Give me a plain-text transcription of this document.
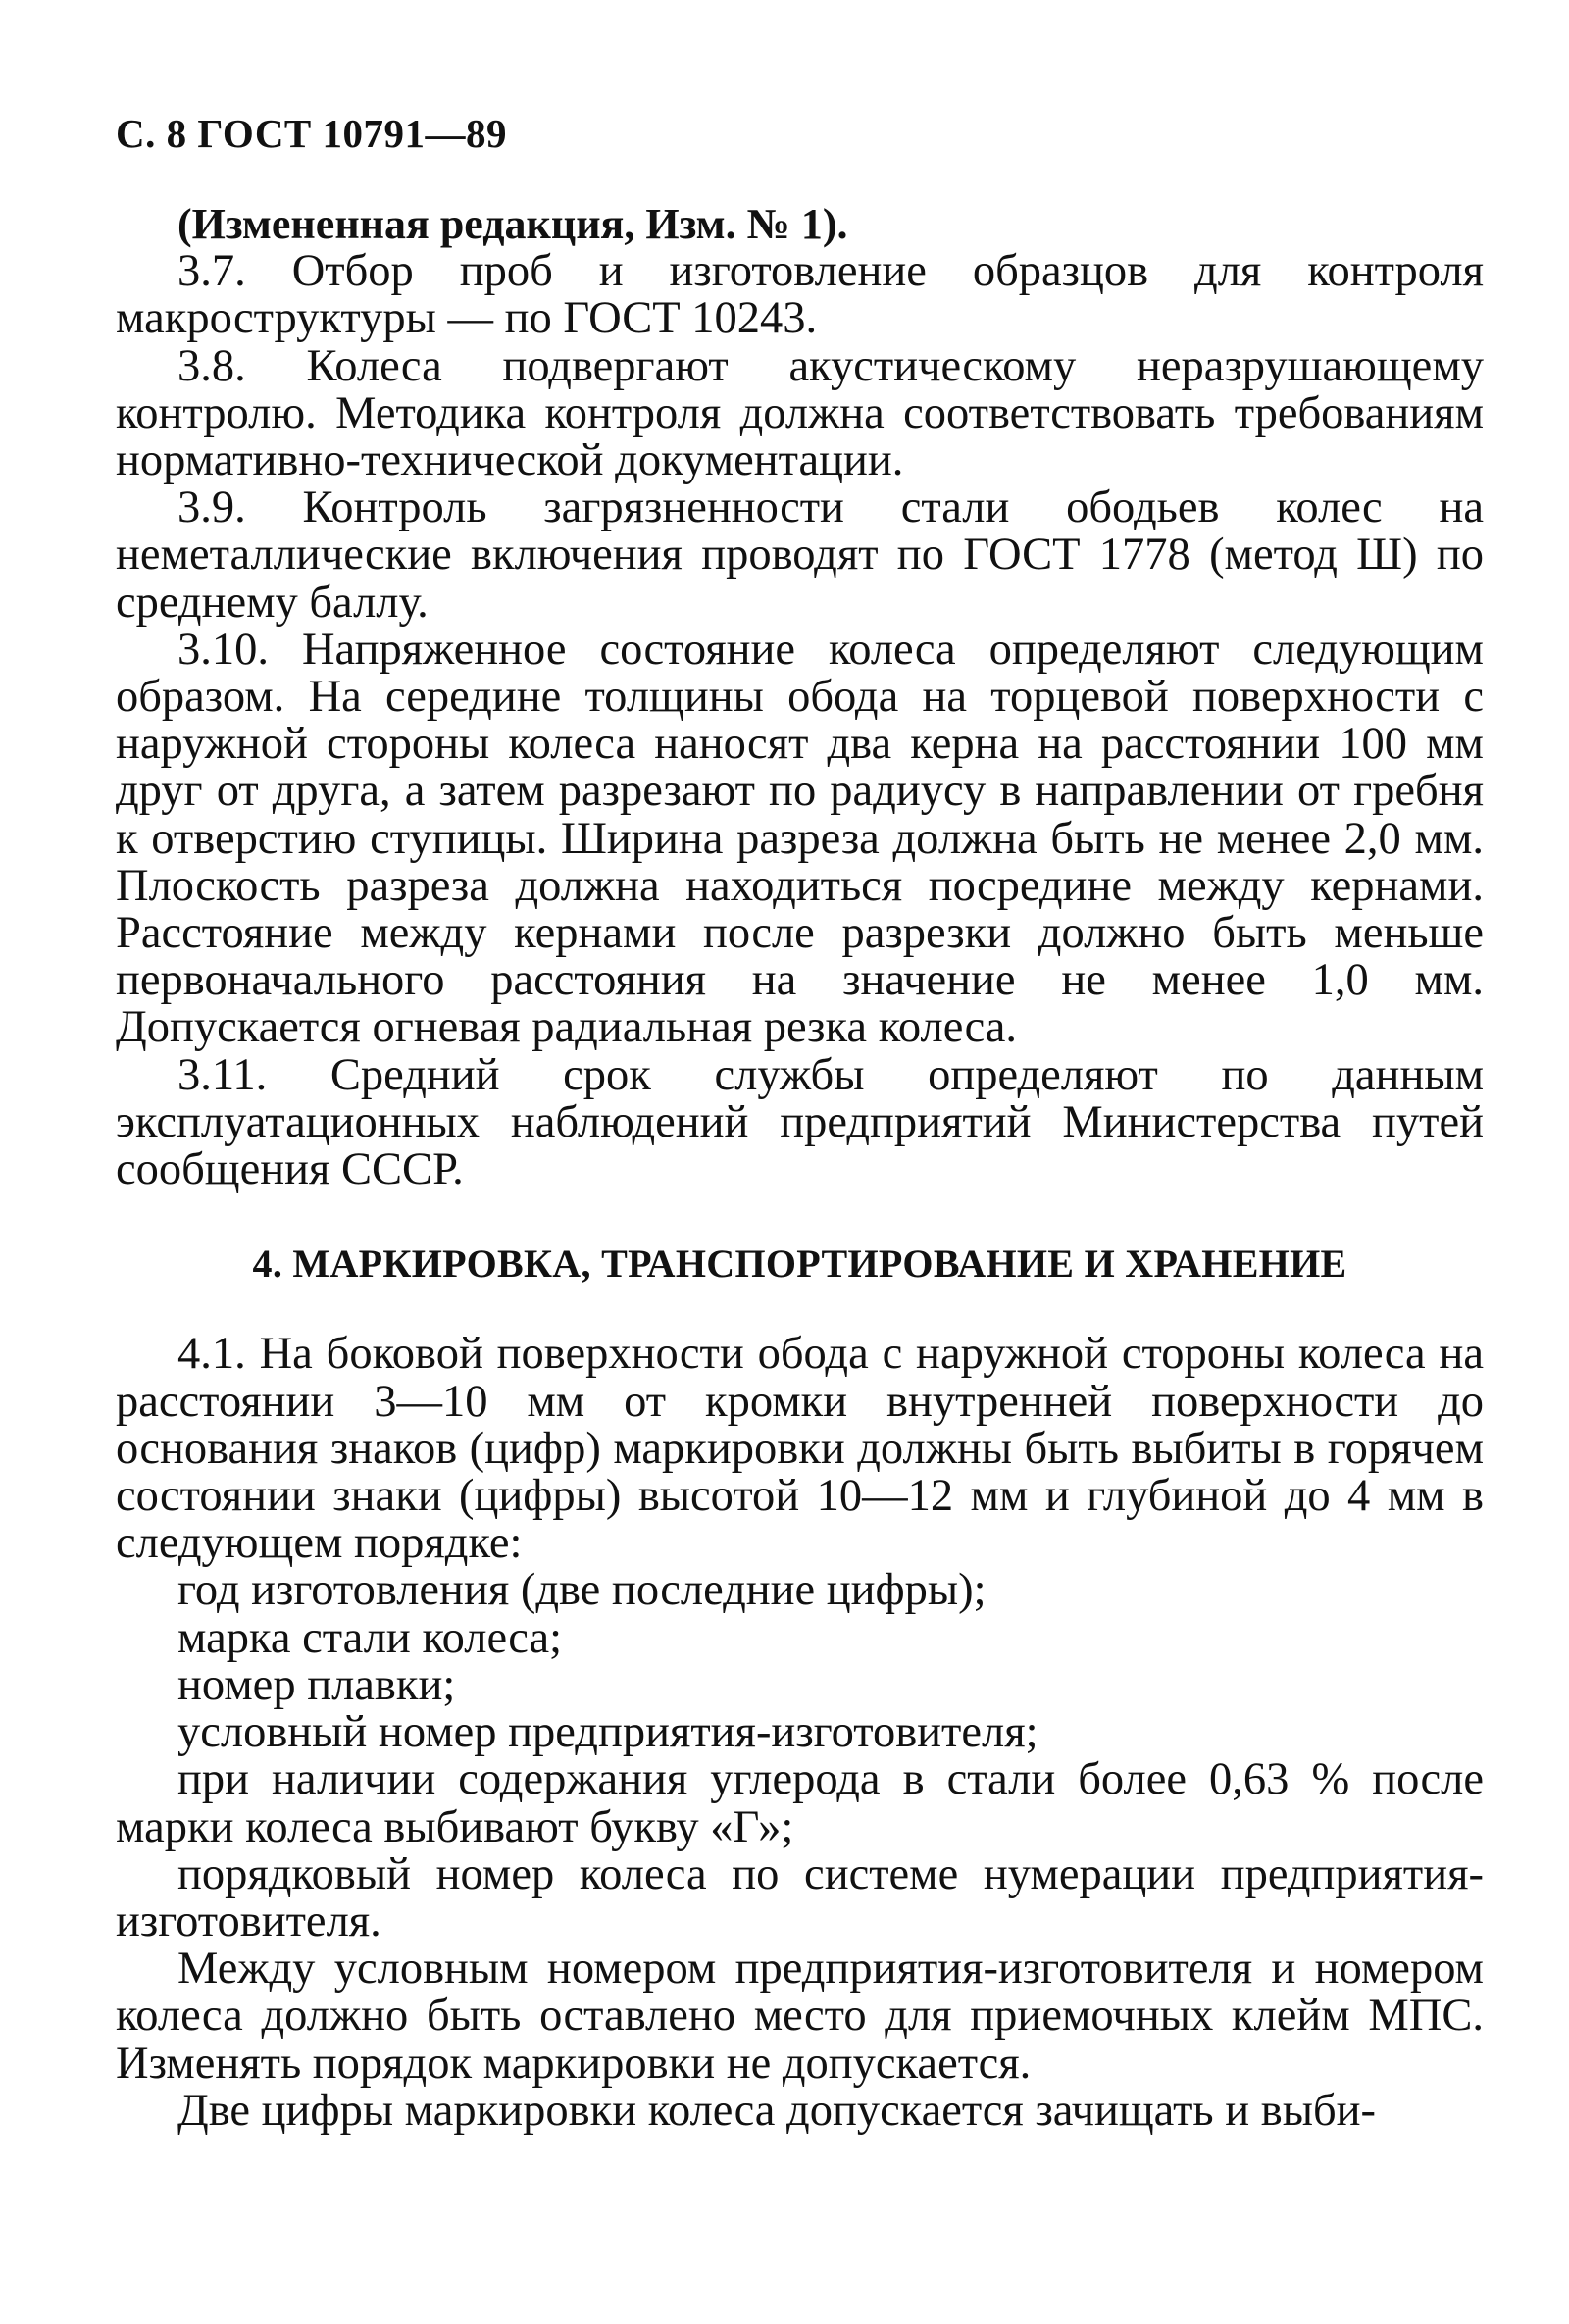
С. 8 ГОСТ 10791—89

(Измененная редакция, Изм. № 1).

3.7. Отбор проб и изготовление образцов для контроля макроструктуры — по ГОСТ 10243.

3.8. Колеса подвергают акустическому неразрушающему контролю. Методика контроля должна соответствовать требованиям нормативно-технической документации.

3.9. Контроль загрязненности стали ободьев колес на неметаллические включения проводят по ГОСТ 1778 (метод Ш) по среднему баллу.

3.10. Напряженное состояние колеса определяют следующим образом. На середине толщины обода на торцевой поверхности с наружной стороны колеса наносят два керна на расстоянии 100 мм друг от друга, а затем разрезают по радиусу в направлении от гребня к отверстию ступицы. Ширина разреза должна быть не менее 2,0 мм. Плоскость разреза должна находиться посредине между кернами. Расстояние между кернами после разрезки должно быть меньше первоначального расстояния на значение не менее 1,0 мм. Допускается огневая радиальная резка колеса.

3.11. Средний срок службы определяют по данным эксплуатационных наблюдений предприятий Министерства путей сообщения СССР.

4. МАРКИРОВКА, ТРАНСПОРТИРОВАНИЕ И ХРАНЕНИЕ

4.1. На боковой поверхности обода с наружной стороны колеса на расстоянии 3—10 мм от кромки внутренней поверхности до основания знаков (цифр) маркировки должны быть выбиты в горячем состоянии знаки (цифры) высотой 10—12 мм и глубиной до 4 мм в следующем порядке:

год изготовления (две последние цифры);

марка стали колеса;

номер плавки;

условный номер предприятия-изготовителя;

при наличии содержания углерода в стали более 0,63 % после марки колеса выбивают букву «Г»;

порядковый номер колеса по системе нумерации предприятия-изготовителя.

Между условным номером предприятия-изготовителя и номером колеса должно быть оставлено место для приемочных клейм МПС. Изменять порядок маркировки не допускается.

Две цифры маркировки колеса допускается зачищать и выби-
